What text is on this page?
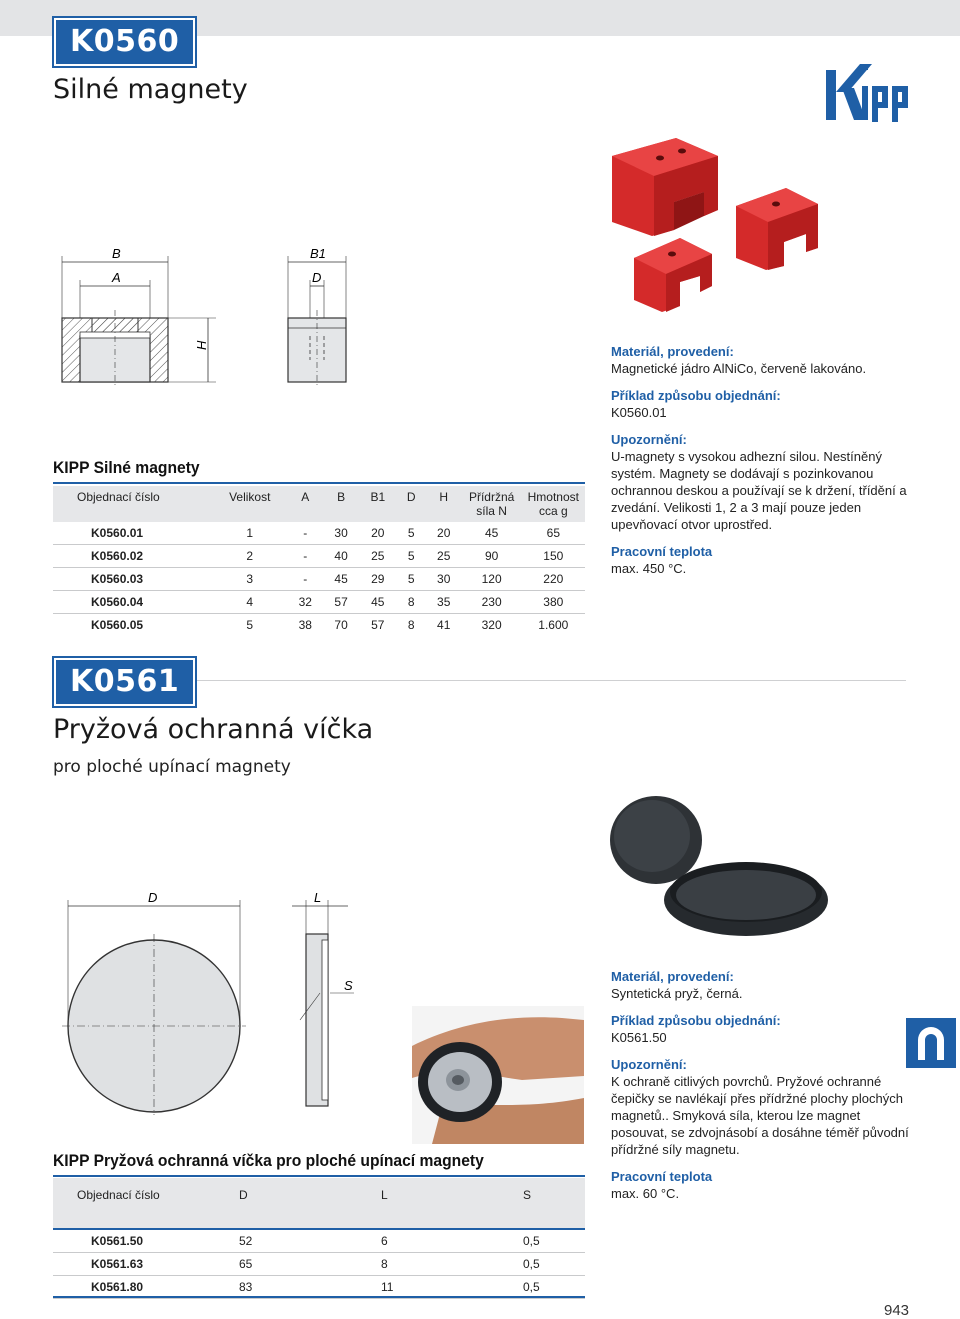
K0560
Silné magnety
B
A
B1
D
H	Materiál, provedení:
Magnetické jádro AlNiCo, červeně lakováno.
Příklad způsobu objednání:
K0560.01
Upozornění:
U-magnety s vysokou adhezní silou. Nestíněný systém. Magnety se dodávají s pozinkovanou ochrannou deskou a používají se k držení, třídění a zvedání. Velikosti 1, 2 a 3 mají pouze jeden upevňovací otvor uprostřed.
Pracovní teplota
max. 450 °C.
KIPP Silné magnety
Objednací číslo	Velikost	A	B	B1	D	H	Přídržná síla N	Hmotnost cca g
K0560.01	1	-	30	20	5	20	45	65
K0560.02	2	-	40	25	5	25	90	150
K0560.03	3	-	45	29	5	30	120	220
K0560.04	4	32	57	45	8	35	230	380
K0560.05	5	38	70	57	8	41	320	1.600
K0561
Pryžová ochranná víčka
pro ploché upínací magnety
D	L
S
Materiál, provedení:
Syntetická pryž, černá.
Příklad způsobu objednání:
K0561.50
Upozornění:
K ochraně citlivých povrchů. Pryžové ochranné čepičky se navlékají přes přídržné plochy plochých magnetů.. Smyková síla, kterou lze magnet posouvat, se zdvojnásobí a dosáhne téměř původní přídržné síly magnetu.
Pracovní teplota
max. 60 °C.
KIPP Pryžová ochranná víčka pro ploché upínací magnety
Objednací číslo	D	L	S
K0561.50	52	6	0,5
K0561.63	65	8	0,5
K0561.80	83	11	0,5
943
